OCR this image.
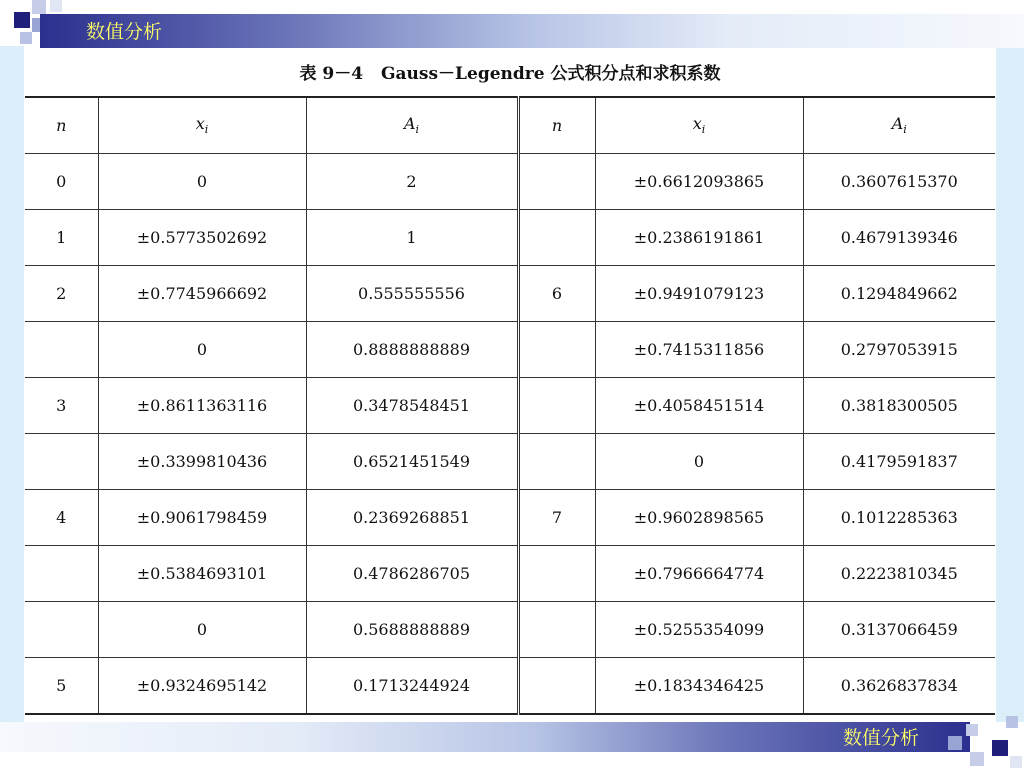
数值分析
数值分析
表 9－4 Gauss－Legendre 公式积分点和求积系数
n	$x_i$	$A_i$	n	$x_i$	$A_i$
0	0	2		±0.6612093865	0.3607615370
1	±0.5773502692	1		±0.2386191861	0.4679139346
2	±0.7745966692	0.555555556	6	±0.9491079123	0.1294849662
	0	0.8888888889		±0.7415311856	0.2797053915
3	±0.8611363116	0.3478548451		±0.4058451514	0.3818300505
	±0.3399810436	0.6521451549		0	0.4179591837
4	±0.9061798459	0.2369268851	7	±0.9602898565	0.1012285363
	±0.5384693101	0.4786286705		±0.7966664774	0.2223810345
	0	0.5688888889		±0.5255354099	0.3137066459
5	±0.9324695142	0.1713244924		±0.1834346425	0.3626837834
